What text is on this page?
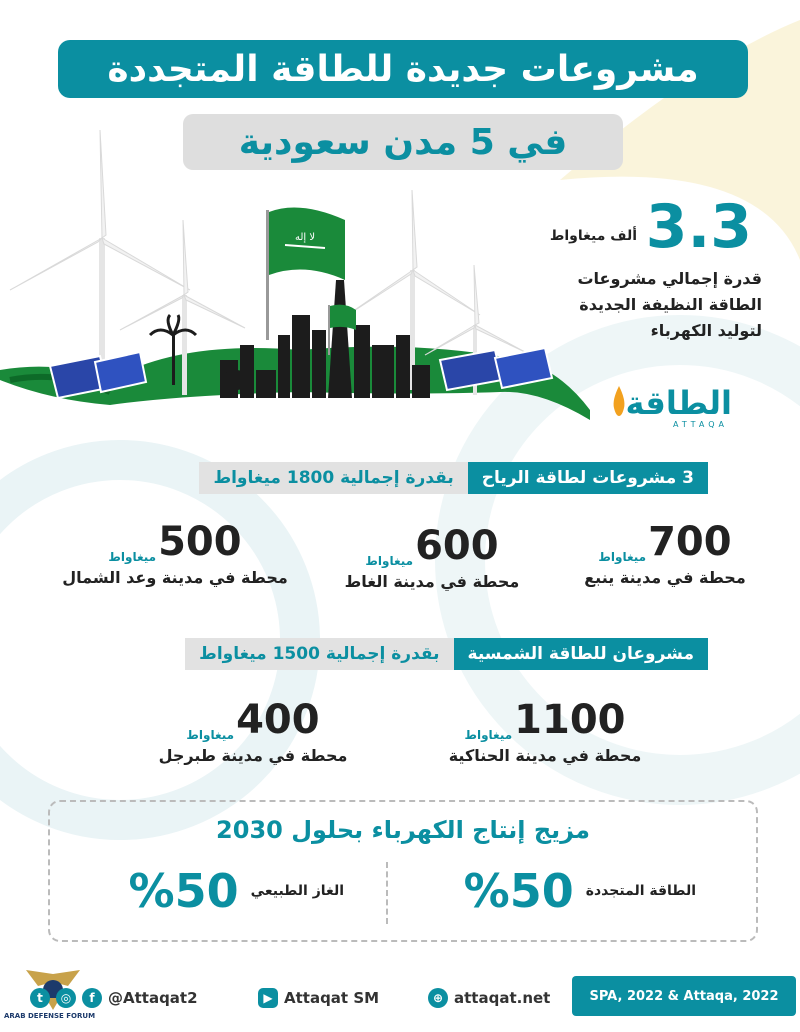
مشروعات جديدة للطاقة المتجددة
في 5 مدن سعودية
لا إله	3.3
ألف ميغاواط
قدرة إجمالي مشروعات
الطاقة النظيفة الجديدة
لتوليد الكهرباء
الطاقة
ATTAQA
3 مشروعات لطاقة الرياح
بقدرة إجمالية 1800 ميغاواط
700ميغاواط
محطة في مدينة ينبع
600ميغاواط
محطة في مدينة الغاط
500ميغاواط
محطة في مدينة وعد الشمال
مشروعان للطاقة الشمسية
بقدرة إجمالية 1500 ميغاواط
1100ميغاواط
محطة في مدينة الحناكية
400ميغاواط
محطة في مدينة طبرجل
مزيج إنتاج الكهرباء بحلول 2030
الطاقة المتجددة
%50
الغاز الطبيعي
%50
ARAB DEFENSE FORUM
t	◎	f @Attaqat2	▶ Attaqat SM	⊕ attaqat.net	SPA, 2022 & Attaqa, 2022
